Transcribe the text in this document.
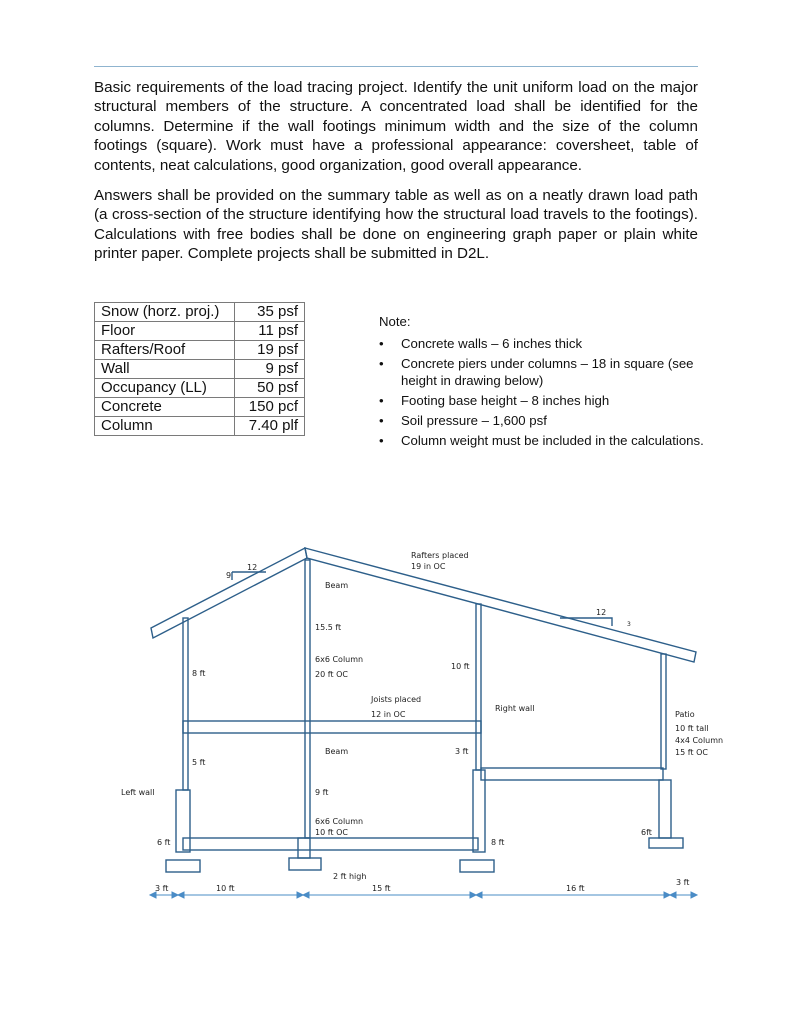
Basic requirements of the load tracing project. Identify the unit uniform load on the major structural members of the structure. A concentrated load shall be identified for the columns. Determine if the wall footings minimum width and the size of the column footings (square). Work must have a professional appearance: coversheet, table of contents, neat calculations, good organization, good overall appearance.

Answers shall be provided on the summary table as well as on a neatly drawn load path (a cross-section of the structure identifying how the structural load travels to the footings). Calculations with free bodies shall be done on engineering graph paper or plain white printer paper. Complete projects shall be submitted in D2L.

Snow (horz. proj.)	35 psf
Floor	11 psf
Rafters/Roof	19 psf
Wall	9 psf
Occupancy (LL)	50 psf
Concrete	150 pcf
Column	7.40 plf
Note:
• Concrete walls – 6 inches thick
• Concrete piers under columns – 18 in square (see height in drawing below)
• Footing base height – 8 inches high
• Soil pressure – 1,600 psf
• Column weight must be included in the calculations.
Rafters placed
19 in OC
12
9
12
3
Beam
15.5 ft
6x6 Column
20 ft OC
10 ft
8 ft
Joists placed
12 in OC
Right wall
Patio
10 ft tall
4x4 Column
15 ft OC
Beam	3 ft
5 ft
Left wall	9 ft
6x6 Column
10 ft OC	6ft
6 ft	8 ft
2 ft high
3 ft	10 ft	15 ft	16 ft
3 ft
